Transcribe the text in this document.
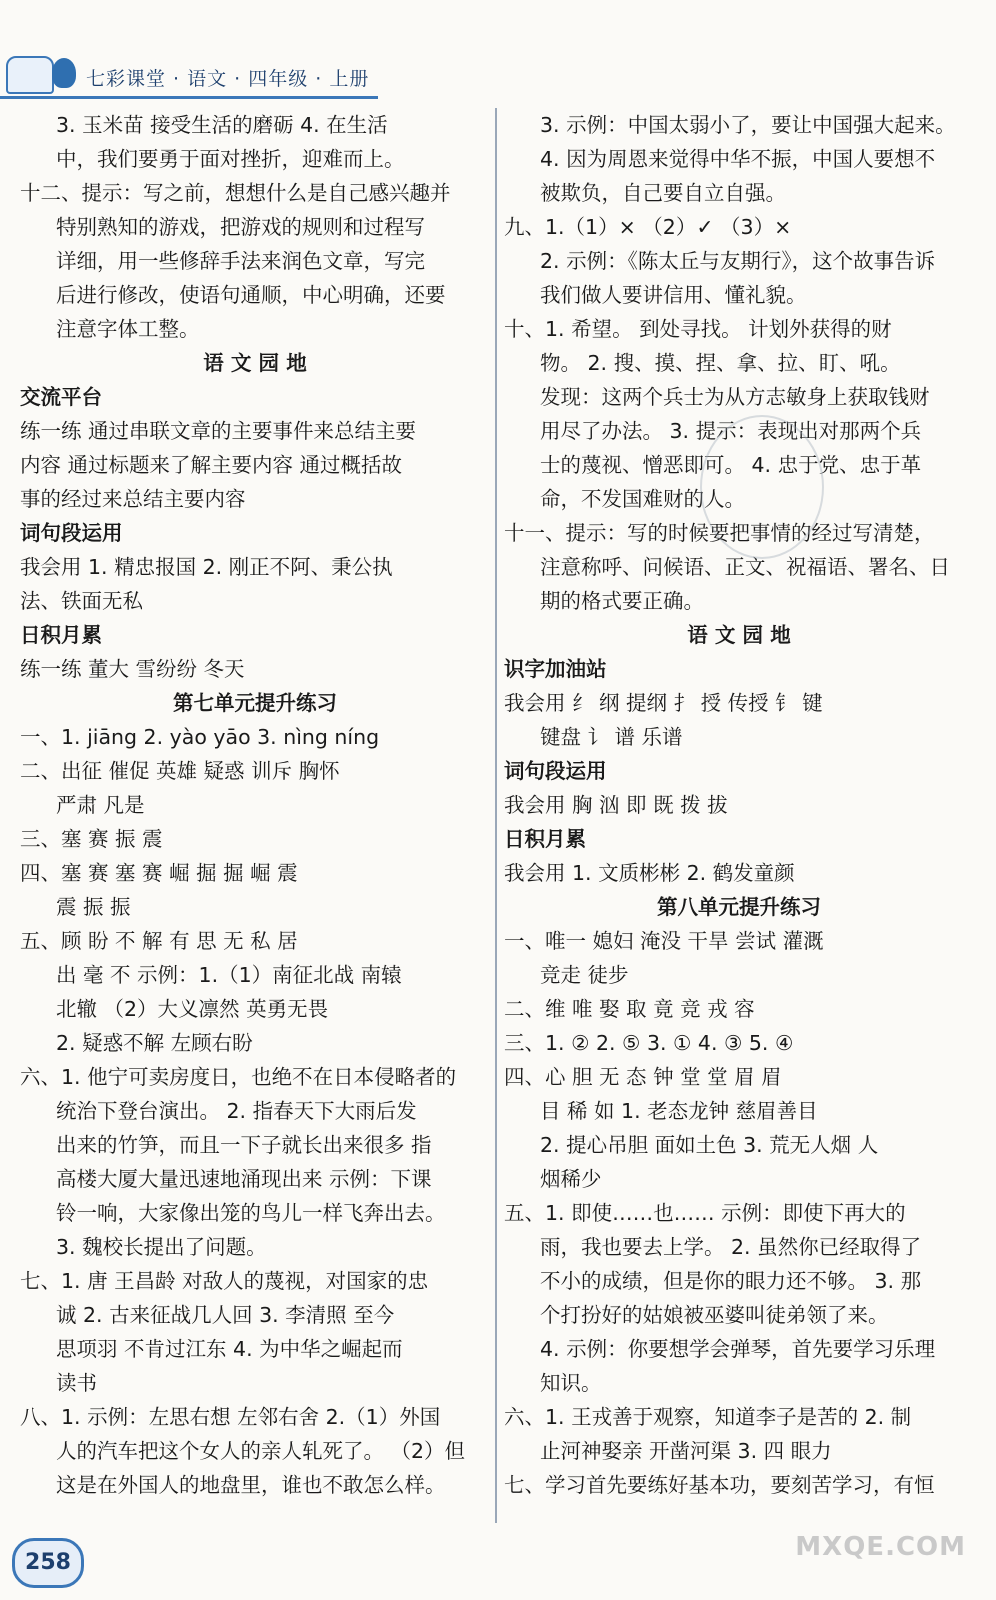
七彩课堂 · 语文 · 四年级 · 上册
3. 玉米苗 接受生活的磨砺 4. 在生活
中，我们要勇于面对挫折，迎难而上。
十二、提示：写之前，想想什么是自己感兴趣并
特别熟知的游戏，把游戏的规则和过程写
详细，用一些修辞手法来润色文章，写完
后进行修改，使语句通顺，中心明确，还要
注意字体工整。
语 文 园 地
交流平台
练一练 通过串联文章的主要事件来总结主要
内容 通过标题来了解主要内容 通过概括故
事的经过来总结主要内容
词句段运用
我会用 1. 精忠报国 2. 刚正不阿、秉公执
法、铁面无私
日积月累
练一练 董大 雪纷纷 冬天
第七单元提升练习
一、1. jiāng 2. yào yāo 3. nìng níng
二、出征 催促 英雄 疑惑 训斥 胸怀
严肃 凡是
三、塞 赛 振 震
四、塞 赛 塞 赛 崛 掘 掘 崛 震
震 振 振
五、顾 盼 不 解 有 思 无 私 居
出 毫 不 示例：1.（1）南征北战 南辕
北辙 （2）大义凛然 英勇无畏
2. 疑惑不解 左顾右盼
六、1. 他宁可卖房度日，也绝不在日本侵略者的
统治下登台演出。 2. 指春天下大雨后发
出来的竹笋，而且一下子就长出来很多 指
高楼大厦大量迅速地涌现出来 示例：下课
铃一响，大家像出笼的鸟儿一样飞奔出去。
3. 魏校长提出了问题。
七、1. 唐 王昌龄 对敌人的蔑视，对国家的忠
诚 2. 古来征战几人回 3. 李清照 至今
思项羽 不肯过江东 4. 为中华之崛起而
读书
八、1. 示例：左思右想 左邻右舍 2.（1）外国
人的汽车把这个女人的亲人轧死了。 （2）但
这是在外国人的地盘里，谁也不敢怎么样。
3. 示例：中国太弱小了，要让中国强大起来。
4. 因为周恩来觉得中华不振，中国人要想不
被欺负，自己要自立自强。
九、1.（1）× （2）✓ （3）×
2. 示例：《陈太丘与友期行》，这个故事告诉
我们做人要讲信用、懂礼貌。
十、1. 希望。 到处寻找。 计划外获得的财
物。 2. 搜、摸、捏、拿、拉、盯、吼。
发现：这两个兵士为从方志敏身上获取钱财
用尽了办法。 3. 提示：表现出对那两个兵
士的蔑视、憎恶即可。 4. 忠于党、忠于革
命，不发国难财的人。
十一、提示：写的时候要把事情的经过写清楚，
注意称呼、问候语、正文、祝福语、署名、日
期的格式要正确。
语 文 园 地
识字加油站
我会用 纟 纲 提纲 扌 授 传授 钅 键
键盘 讠 谱 乐谱
词句段运用
我会用 胸 汹 即 既 拨 拔
日积月累
我会用 1. 文质彬彬 2. 鹤发童颜
第八单元提升练习
一、唯一 媳妇 淹没 干旱 尝试 灌溉
竞走 徒步
二、维 唯 娶 取 竟 竞 戎 容
三、1. ② 2. ⑤ 3. ① 4. ③ 5. ④
四、心 胆 无 态 钟 堂 堂 眉 眉
目 稀 如 1. 老态龙钟 慈眉善目
2. 提心吊胆 面如土色 3. 荒无人烟 人
烟稀少
五、1. 即使……也…… 示例：即使下再大的
雨，我也要去上学。 2. 虽然你已经取得了
不小的成绩，但是你的眼力还不够。 3. 那
个打扮好的姑娘被巫婆叫徒弟领了来。
4. 示例：你要想学会弹琴，首先要学习乐理
知识。
六、1. 王戎善于观察，知道李子是苦的 2. 制
止河神娶亲 开凿河渠 3. 四 眼力
七、学习首先要练好基本功，要刻苦学习，有恒
258
MXQE.COM
